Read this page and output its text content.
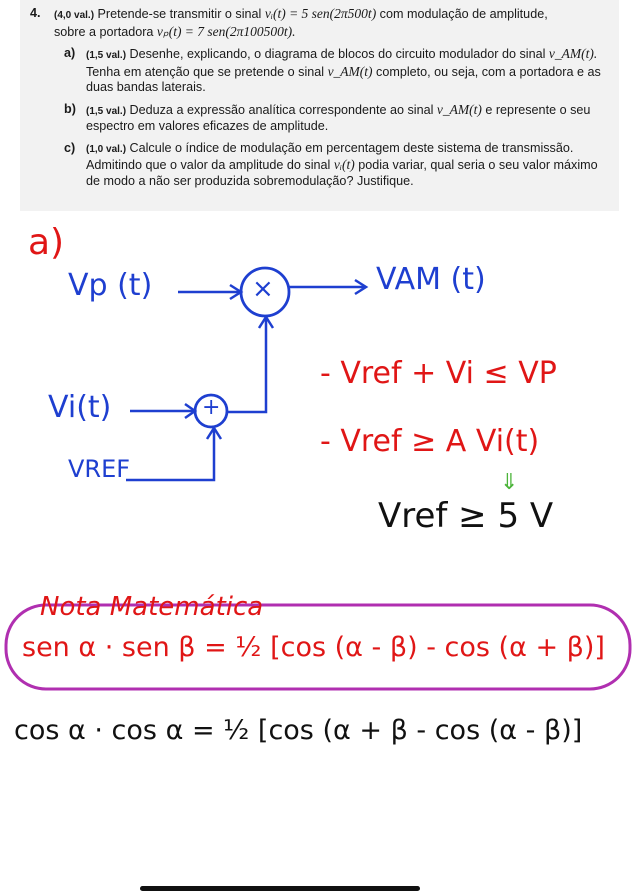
4. (4,0 val.) Pretende-se transmitir o sinal vᵢ(t) = 5 sen(2π500t) com modulação de amplitude,
sobre a portadora vₚ(t) = 7 sen(2π100500t).
a) (1,5 val.) Desenhe, explicando, o diagrama de blocos do circuito modulador do sinal v_AM(t). Tenha em atenção que se pretende o sinal v_AM(t) completo, ou seja, com a portadora e as duas bandas laterais.
b) (1,5 val.) Deduza a expressão analítica correspondente ao sinal v_AM(t) e represente o seu espectro em valores eficazes de amplitude.
c) (1,0 val.) Calcule o índice de modulação em percentagem deste sistema de transmissão. Admitindo que o valor da amplitude do sinal vᵢ(t) podia variar, qual seria o seu valor máximo de modo a não ser produzida sobremodulação? Justifique.
a)
Vp (t)	×	VAM (t)
Vi(t)	+
VREF
- Vref + Vi ≤ VP
- Vref ≥ A Vi(t)
⇓
Vref ≥ 5 V
Nota Matemática
sen α · sen β = ½ [cos (α - β) - cos (α + β)]
cos α · cos α = ½ [cos (α + β - cos (α - β)]
